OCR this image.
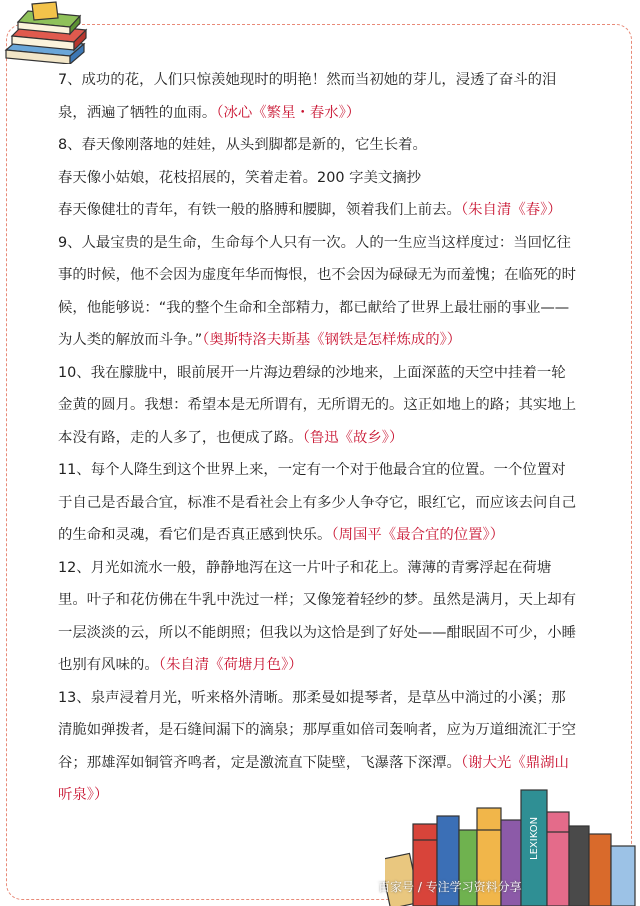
7、成功的花，人们只惊羡她现时的明艳！然而当初她的芽儿，浸透了奋斗的泪泉，洒遍了牺牲的血雨。（冰心《繁星・春水》）

8、春天像刚落地的娃娃，从头到脚都是新的，它生长着。

春天像小姑娘，花枝招展的，笑着走着。200 字美文摘抄

春天像健壮的青年，有铁一般的胳膊和腰脚，领着我们上前去。（朱自清《春》）

9、人最宝贵的是生命，生命每个人只有一次。人的一生应当这样度过：当回忆往事的时候，他不会因为虚度年华而悔恨，也不会因为碌碌无为而羞愧；在临死的时候，他能够说：“我的整个生命和全部精力，都已献给了世界上最壮丽的事业——为人类的解放而斗争。”（奥斯特洛夫斯基《钢铁是怎样炼成的》）

10、我在朦胧中，眼前展开一片海边碧绿的沙地来，上面深蓝的天空中挂着一轮金黄的圆月。我想：希望本是无所谓有，无所谓无的。这正如地上的路；其实地上本没有路，走的人多了，也便成了路。（鲁迅《故乡》）

11、每个人降生到这个世界上来，一定有一个对于他最合宜的位置。一个位置对于自己是否最合宜，标准不是看社会上有多少人争夺它，眼红它，而应该去问自己的生命和灵魂，看它们是否真正感到快乐。（周国平《最合宜的位置》）

12、月光如流水一般，静静地泻在这一片叶子和花上。薄薄的青雾浮起在荷塘里。叶子和花仿佛在牛乳中洗过一样；又像笼着轻纱的梦。虽然是满月，天上却有一层淡淡的云，所以不能朗照；但我以为这恰是到了好处——酣眠固不可少，小睡也别有风味的。（朱自清《荷塘月色》）

13、泉声浸着月光，听来格外清晰。那柔曼如提琴者，是草丛中淌过的小溪；那清脆如弹拨者，是石缝间漏下的滴泉；那厚重如倍司轰响者，应为万道细流汇于空谷；那雄浑如铜管齐鸣者，定是激流直下陡壁，飞瀑落下深潭。（谢大光《鼎湖山听泉》）

LEXIKON
百家号 / 专注学习资料分享
